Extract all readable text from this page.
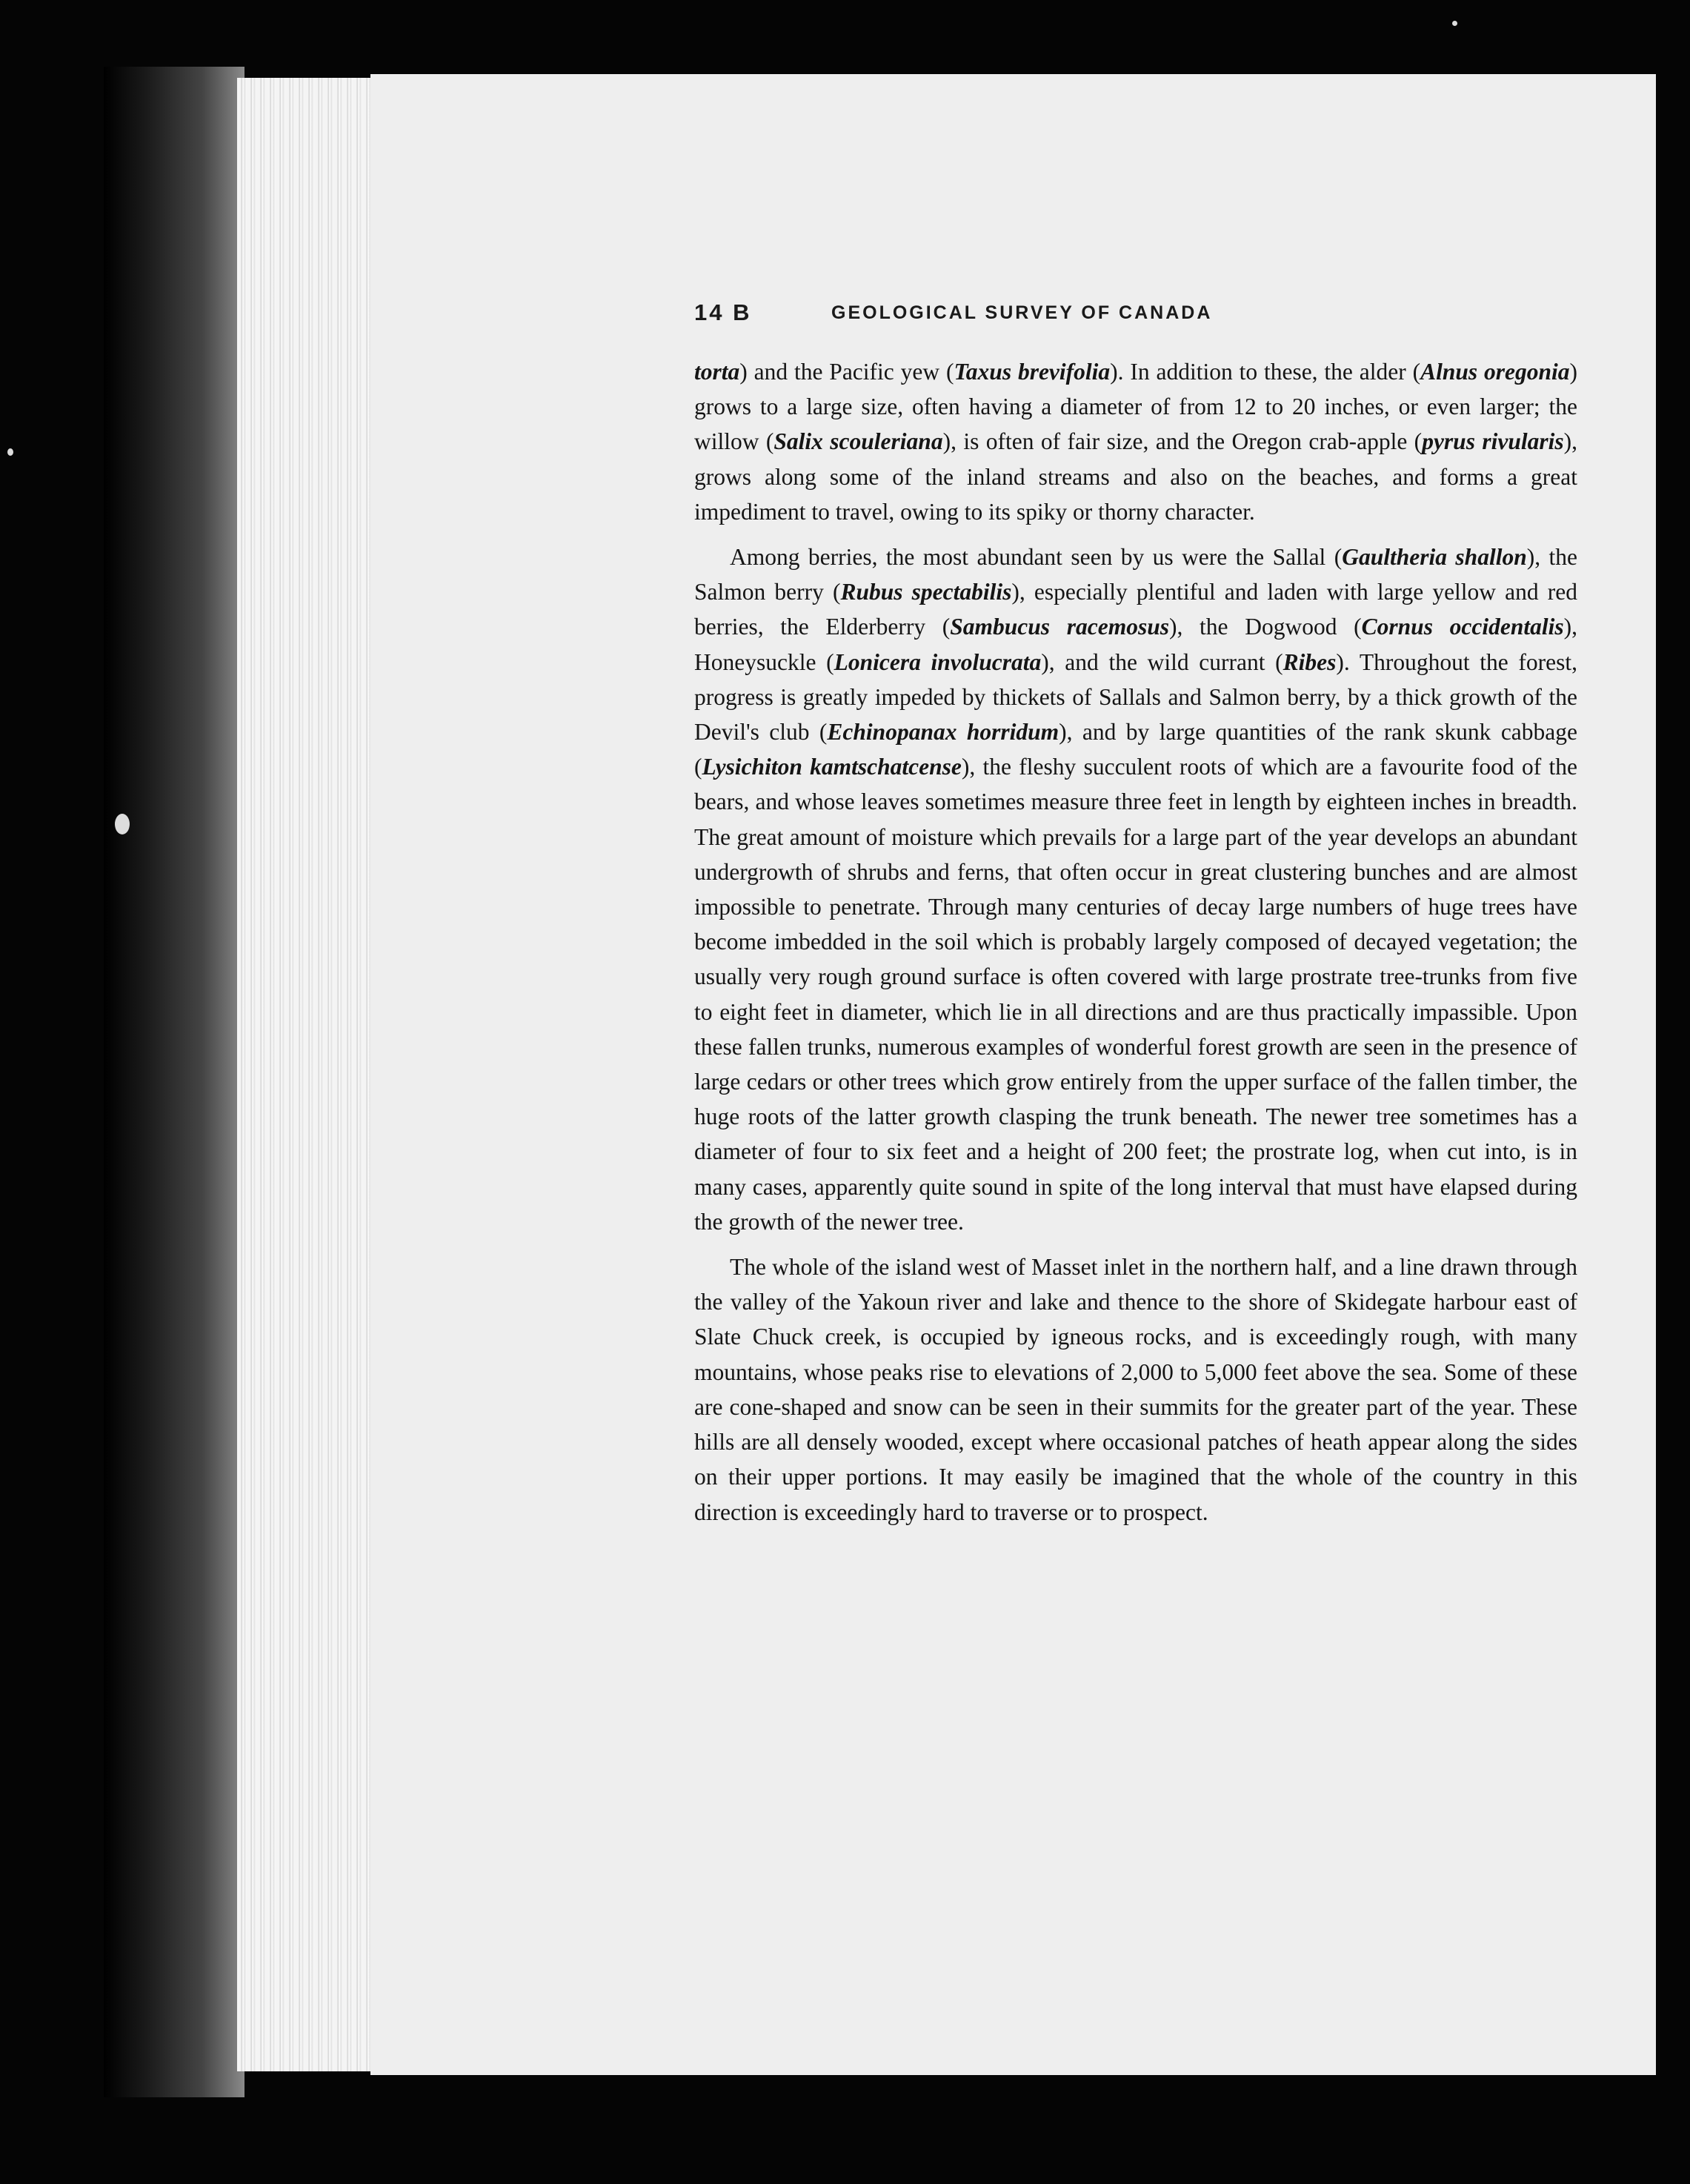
14 B	GEOLOGICAL SURVEY OF CANADA

torta) and the Pacific yew (Taxus brevifolia). In addition to these, the alder (Alnus oregonia) grows to a large size, often having a diameter of from 12 to 20 inches, or even larger; the willow (Salix scouleriana), is often of fair size, and the Oregon crab-apple (pyrus rivularis), grows along some of the inland streams and also on the beaches, and forms a great impediment to travel, owing to its spiky or thorny character.

Among berries, the most abundant seen by us were the Sallal (Gaultheria shallon), the Salmon berry (Rubus spectabilis), especially plentiful and laden with large yellow and red berries, the Elderberry (Sambucus racemosus), the Dogwood (Cornus occidentalis), Honeysuckle (Lonicera involucrata), and the wild currant (Ribes). Throughout the forest, progress is greatly impeded by thickets of Sallals and Salmon berry, by a thick growth of the Devil's club (Echinopanax horridum), and by large quantities of the rank skunk cabbage (Lysichiton kamtschatcense), the fleshy succulent roots of which are a favourite food of the bears, and whose leaves sometimes measure three feet in length by eighteen inches in breadth. The great amount of moisture which prevails for a large part of the year develops an abundant undergrowth of shrubs and ferns, that often occur in great clustering bunches and are almost impossible to penetrate. Through many centuries of decay large numbers of huge trees have become imbedded in the soil which is probably largely composed of decayed vegetation; the usually very rough ground surface is often covered with large prostrate tree-trunks from five to eight feet in diameter, which lie in all directions and are thus practically impassible. Upon these fallen trunks, numerous examples of wonderful forest growth are seen in the presence of large cedars or other trees which grow entirely from the upper surface of the fallen timber, the huge roots of the latter growth clasping the trunk beneath. The newer tree sometimes has a diameter of four to six feet and a height of 200 feet; the prostrate log, when cut into, is in many cases, apparently quite sound in spite of the long interval that must have elapsed during the growth of the newer tree.

The whole of the island west of Masset inlet in the northern half, and a line drawn through the valley of the Yakoun river and lake and thence to the shore of Skidegate harbour east of Slate Chuck creek, is occupied by igneous rocks, and is exceedingly rough, with many mountains, whose peaks rise to elevations of 2,000 to 5,000 feet above the sea. Some of these are cone-shaped and snow can be seen in their summits for the greater part of the year. These hills are all densely wooded, except where occasional patches of heath appear along the sides on their upper portions. It may easily be imagined that the whole of the country in this direction is exceedingly hard to traverse or to prospect.
